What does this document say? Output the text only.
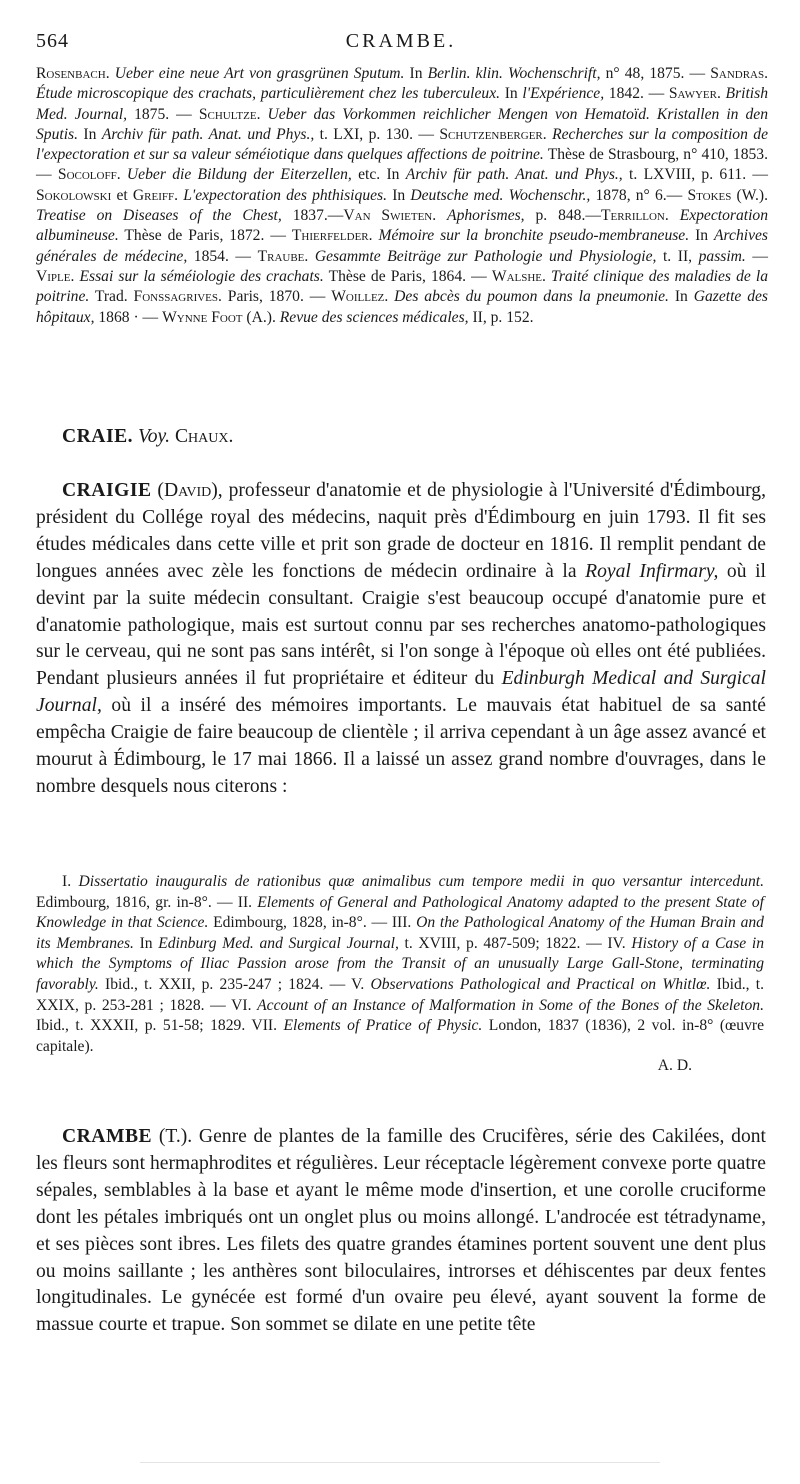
564	CRAMBE.
Rosenbach. Ueber eine neue Art von grasgrünen Sputum. In Berlin. klin. Wochenschrift, n° 48, 1875. — Sandras. Étude microscopique des crachats, particulièrement chez les tuberculeux. In l'Expérience, 1842. — Sawyer. British Med. Journal, 1875. — Schultze. Ueber das Vorkommen reichlicher Mengen von Hematoïd. Kristallen in den Sputis. In Archiv für path. Anat. und Phys., t. LXI, p. 130. — Schutzenberger. Recherches sur la composition de l'expectoration et sur sa valeur séméiotique dans quelques affections de poitrine. Thèse de Strasbourg, n° 410, 1853. — Socoloff. Ueber die Bildung der Eiterzellen, etc. In Archiv für path. Anat. und Phys., t. LXVIII, p. 611. — Sokolowski et Greiff. L'expectoration des phthisiques. In Deutsche med. Wochenschr., 1878, n° 6.— Stokes (W.). Treatise on Diseases of the Chest, 1837.—Van Swieten. Aphorismes, p. 848.—Terrillon. Expectoration albumineuse. Thèse de Paris, 1872. — Thierfelder. Mémoire sur la bronchite pseudo-membraneuse. In Archives générales de médecine, 1854. — Traube. Gesammte Beiträge zur Pathologie und Physiologie, t. II, passim. — Viple. Essai sur la séméiologie des crachats. Thèse de Paris, 1864. — Walshe. Traité clinique des maladies de la poitrine. Trad. Fonssagrives. Paris, 1870. — Woillez. Des abcès du poumon dans la pneumonie. In Gazette des hôpitaux, 1868 · — Wynne Foot (A.). Revue des sciences médicales, II, p. 152.
CRAIE. Voy. Chaux.
CRAIGIE (David), professeur d'anatomie et de physiologie à l'Université d'Édimbourg, président du Collége royal des médecins, naquit près d'Édimbourg en juin 1793. Il fit ses études médicales dans cette ville et prit son grade de docteur en 1816. Il remplit pendant de longues années avec zèle les fonctions de médecin ordinaire à la Royal Infirmary, où il devint par la suite médecin consultant. Craigie s'est beaucoup occupé d'anatomie pure et d'anatomie pathologique, mais est surtout connu par ses recherches anatomo-pathologiques sur le cerveau, qui ne sont pas sans intérêt, si l'on songe à l'époque où elles ont été publiées. Pendant plusieurs années il fut propriétaire et éditeur du Edinburgh Medical and Surgical Journal, où il a inséré des mémoires importants. Le mauvais état habituel de sa santé empêcha Craigie de faire beaucoup de clientèle ; il arriva cependant à un âge assez avancé et mourut à Édimbourg, le 17 mai 1866. Il a laissé un assez grand nombre d'ouvrages, dans le nombre desquels nous citerons :
I. Dissertatio inauguralis de rationibus quæ animalibus cum tempore medii in quo versantur intercedunt. Edimbourg, 1816, gr. in-8°. — II. Elements of General and Pathological Anatomy adapted to the present State of Knowledge in that Science. Edimbourg, 1828, in-8°. — III. On the Pathological Anatomy of the Human Brain and its Membranes. In Edinburg Med. and Surgical Journal, t. XVIII, p. 487-509; 1822. — IV. History of a Case in which the Symptoms of Iliac Passion arose from the Transit of an unusually Large Gall-Stone, terminating favorably. Ibid., t. XXII, p. 235-247 ; 1824. — V. Observations Pathological and Practical on Whitlœ. Ibid., t. XXIX, p. 253-281 ; 1828. — VI. Account of an Instance of Malformation in Some of the Bones of the Skeleton. Ibid., t. XXXII, p. 51-58; 1829. VII. Elements of Pratice of Physic. London, 1837 (1836), 2 vol. in-8° (œuvre capitale).
A. D.
CRAMBE (T.). Genre de plantes de la famille des Crucifères, série des Cakilées, dont les fleurs sont hermaphrodites et régulières. Leur réceptacle légèrement convexe porte quatre sépales, semblables à la base et ayant le même mode d'insertion, et une corolle cruciforme dont les pétales imbriqués ont un onglet plus ou moins allongé. L'androcée est tétradyname, et ses pièces sont ibres. Les filets des quatre grandes étamines portent souvent une dent plus ou moins saillante ; les anthères sont biloculaires, introrses et déhiscentes par deux fentes longitudinales. Le gynécée est formé d'un ovaire peu élevé, ayant souvent la forme de massue courte et trapue. Son sommet se dilate en une petite tête
